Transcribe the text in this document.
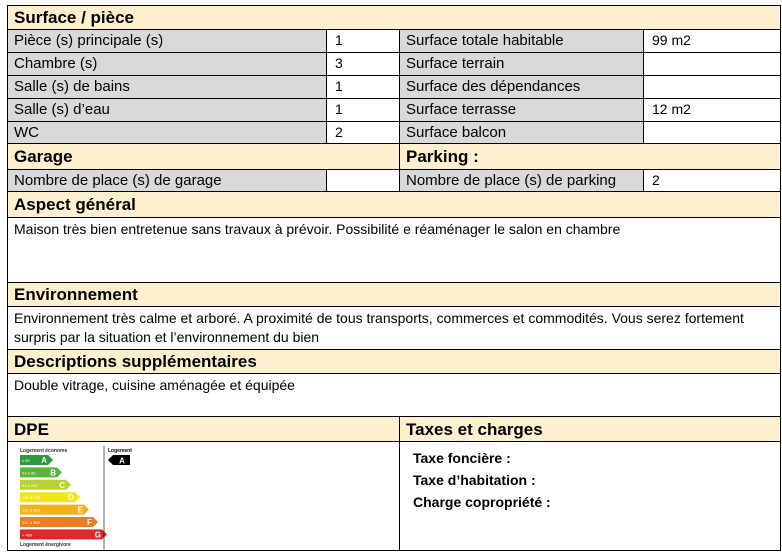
Surface / pièce
Pièce (s) principale (s)	1	Surface totale habitable	99 m2
Chambre (s)	3	Surface terrain
Salle (s) de bains	1	Surface des dépendances
Salle (s) d’eau	1	Surface terrasse	12 m2
WC	2	Surface balcon
Garage	Parking :
Nombre de place (s) de garage	Nombre de place (s) de parking	2
Aspect général
Maison très bien entretenue sans travaux à prévoir. Possibilité e réaménager le salon en chambre
Environnement
Environnement très calme et arboré. A proximité de tous transports, commerces et commodités. Vous serez fortement surpris par la situation et l’environnement du bien
Descriptions supplémentaires
Double vitrage, cuisine aménagée et équipée
DPE	Taxes et charges
Logement économe
≤ 50 A
51 à 90 B
91 à 150	C
151 à 230	D
231 à 330	E
331 à 450	F
> 450	G
Logement énergivore
Logement
A	Taxe foncière :
Taxe d’habitation :
Charge copropriété :
